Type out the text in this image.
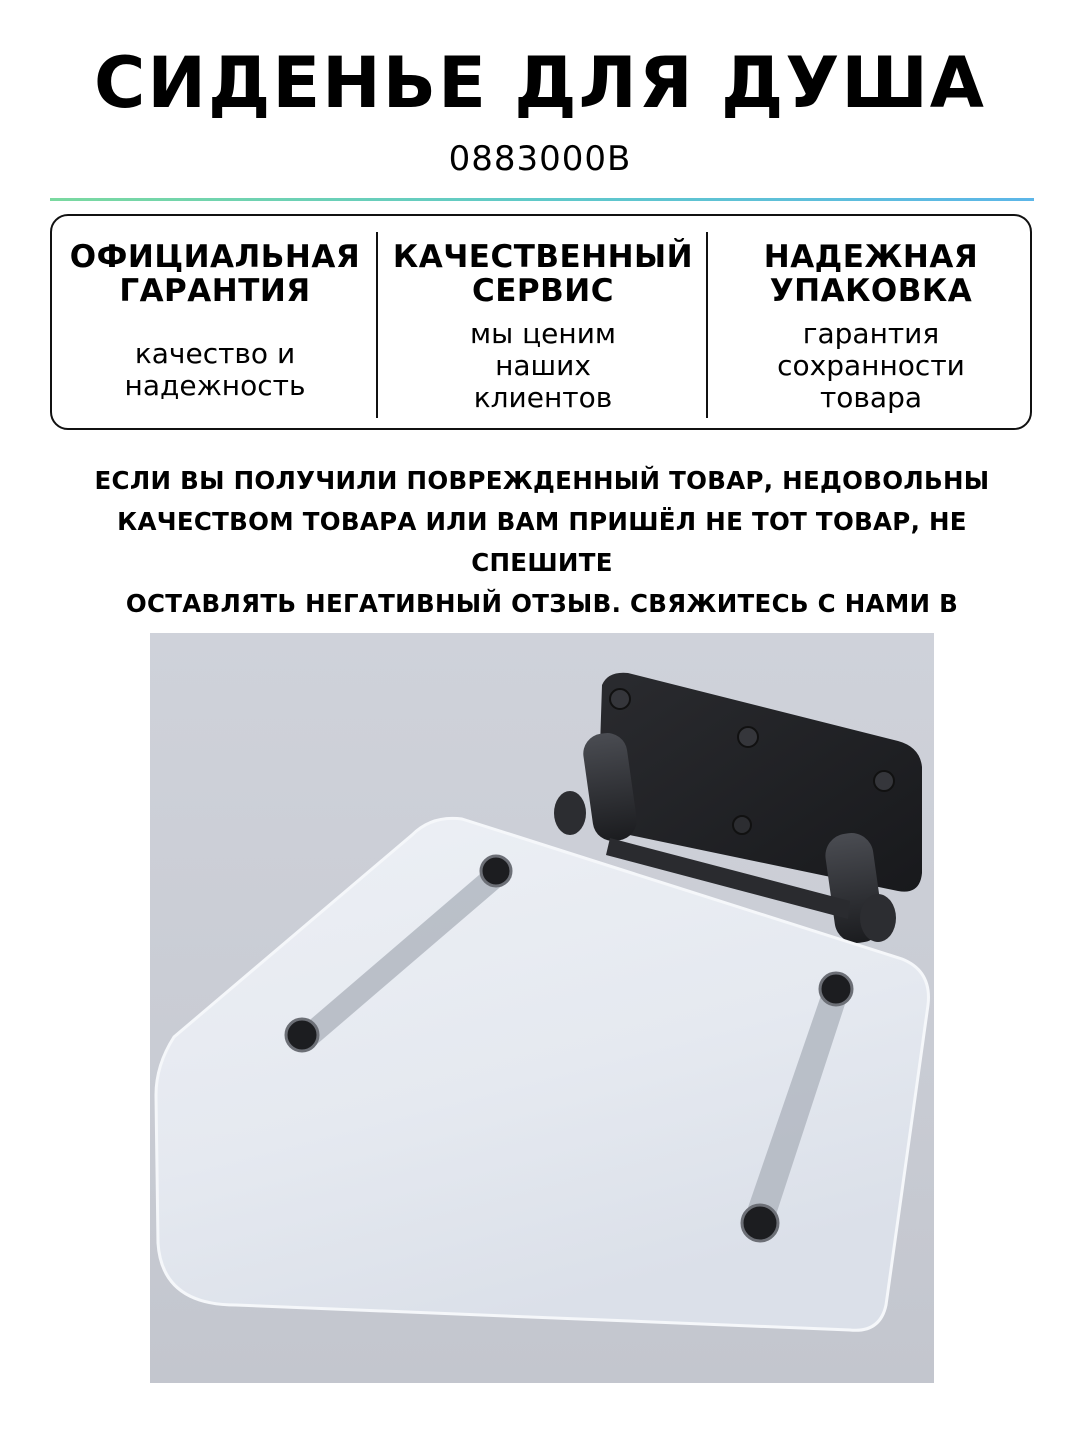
СИДЕНЬЕ ДЛЯ ДУША
0883000B
ОФИЦИАЛЬНАЯ
ГАРАНТИЯ
качество и
надежность
КАЧЕСТВЕННЫЙ
СЕРВИС
мы ценим
наших
клиентов
НАДЕЖНАЯ
УПАКОВКА
гарантия
сохранности
товара
ЕСЛИ ВЫ ПОЛУЧИЛИ ПОВРЕЖДЕННЫЙ ТОВАР, НЕДОВОЛЬНЫ
КАЧЕСТВОМ ТОВАРА ИЛИ ВАМ ПРИШЁЛ НЕ ТОТ ТОВАР, НЕ СПЕШИТЕ
ОСТАВЛЯТЬ НЕГАТИВНЫЙ ОТЗЫВ. СВЯЖИТЕСЬ С НАМИ В
